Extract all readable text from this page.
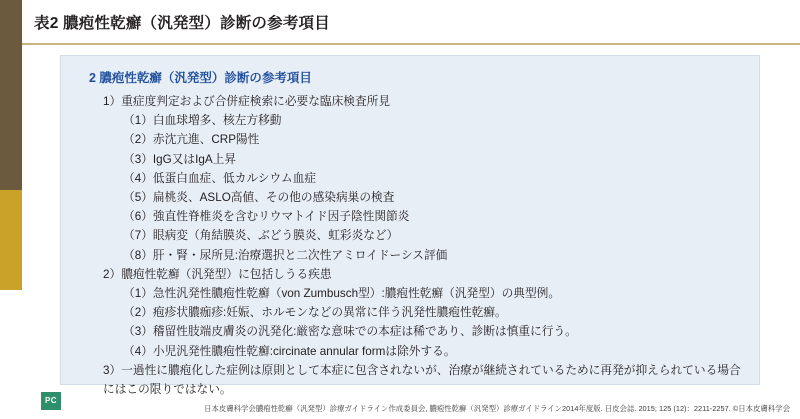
表2 膿疱性乾癬（汎発型）診断の参考項目
2 膿疱性乾癬（汎発型）診断の参考項目
1）重症度判定および合併症検索に必要な臨床検査所見
（1）白血球増多、核左方移動
（2）赤沈亢進、CRP陽性
（3）IgG又はIgA上昇
（4）低蛋白血症、低カルシウム血症
（5）扁桃炎、ASLO高値、その他の感染病巣の検査
（6）強直性脊椎炎を含むリウマトイド因子陰性関節炎
（7）眼病変（角結膜炎、ぶどう膜炎、虹彩炎など）
（8）肝・腎・尿所見:治療選択と二次性アミロイドーシス評価
2）膿疱性乾癬（汎発型）に包括しうる疾患
（1）急性汎発性膿疱性乾癬（von Zumbusch型）:膿疱性乾癬（汎発型）の典型例。
（2）疱疹状膿痂疹:妊娠、ホルモンなどの異常に伴う汎発性膿疱性乾癬。
（3）稽留性肢端皮膚炎の汎発化:厳密な意味での本症は稀であり、診断は慎重に行う。
（4）小児汎発性膿疱性乾癬:circinate annular formは除外する。
3）一過性に膿疱化した症例は原則として本症に包含されないが、治療が継続されているために再発が抑えられている場合にはこの限りではない。
PC
日本皮膚科学会膿疱性乾癬（汎発型）診療ガイドライン作成委員会, 膿疱性乾癬（汎発型）診療ガイドライン2014年度版. 日皮会誌. 2015; 125 (12)：2211-2257. ©日本皮膚科学会
